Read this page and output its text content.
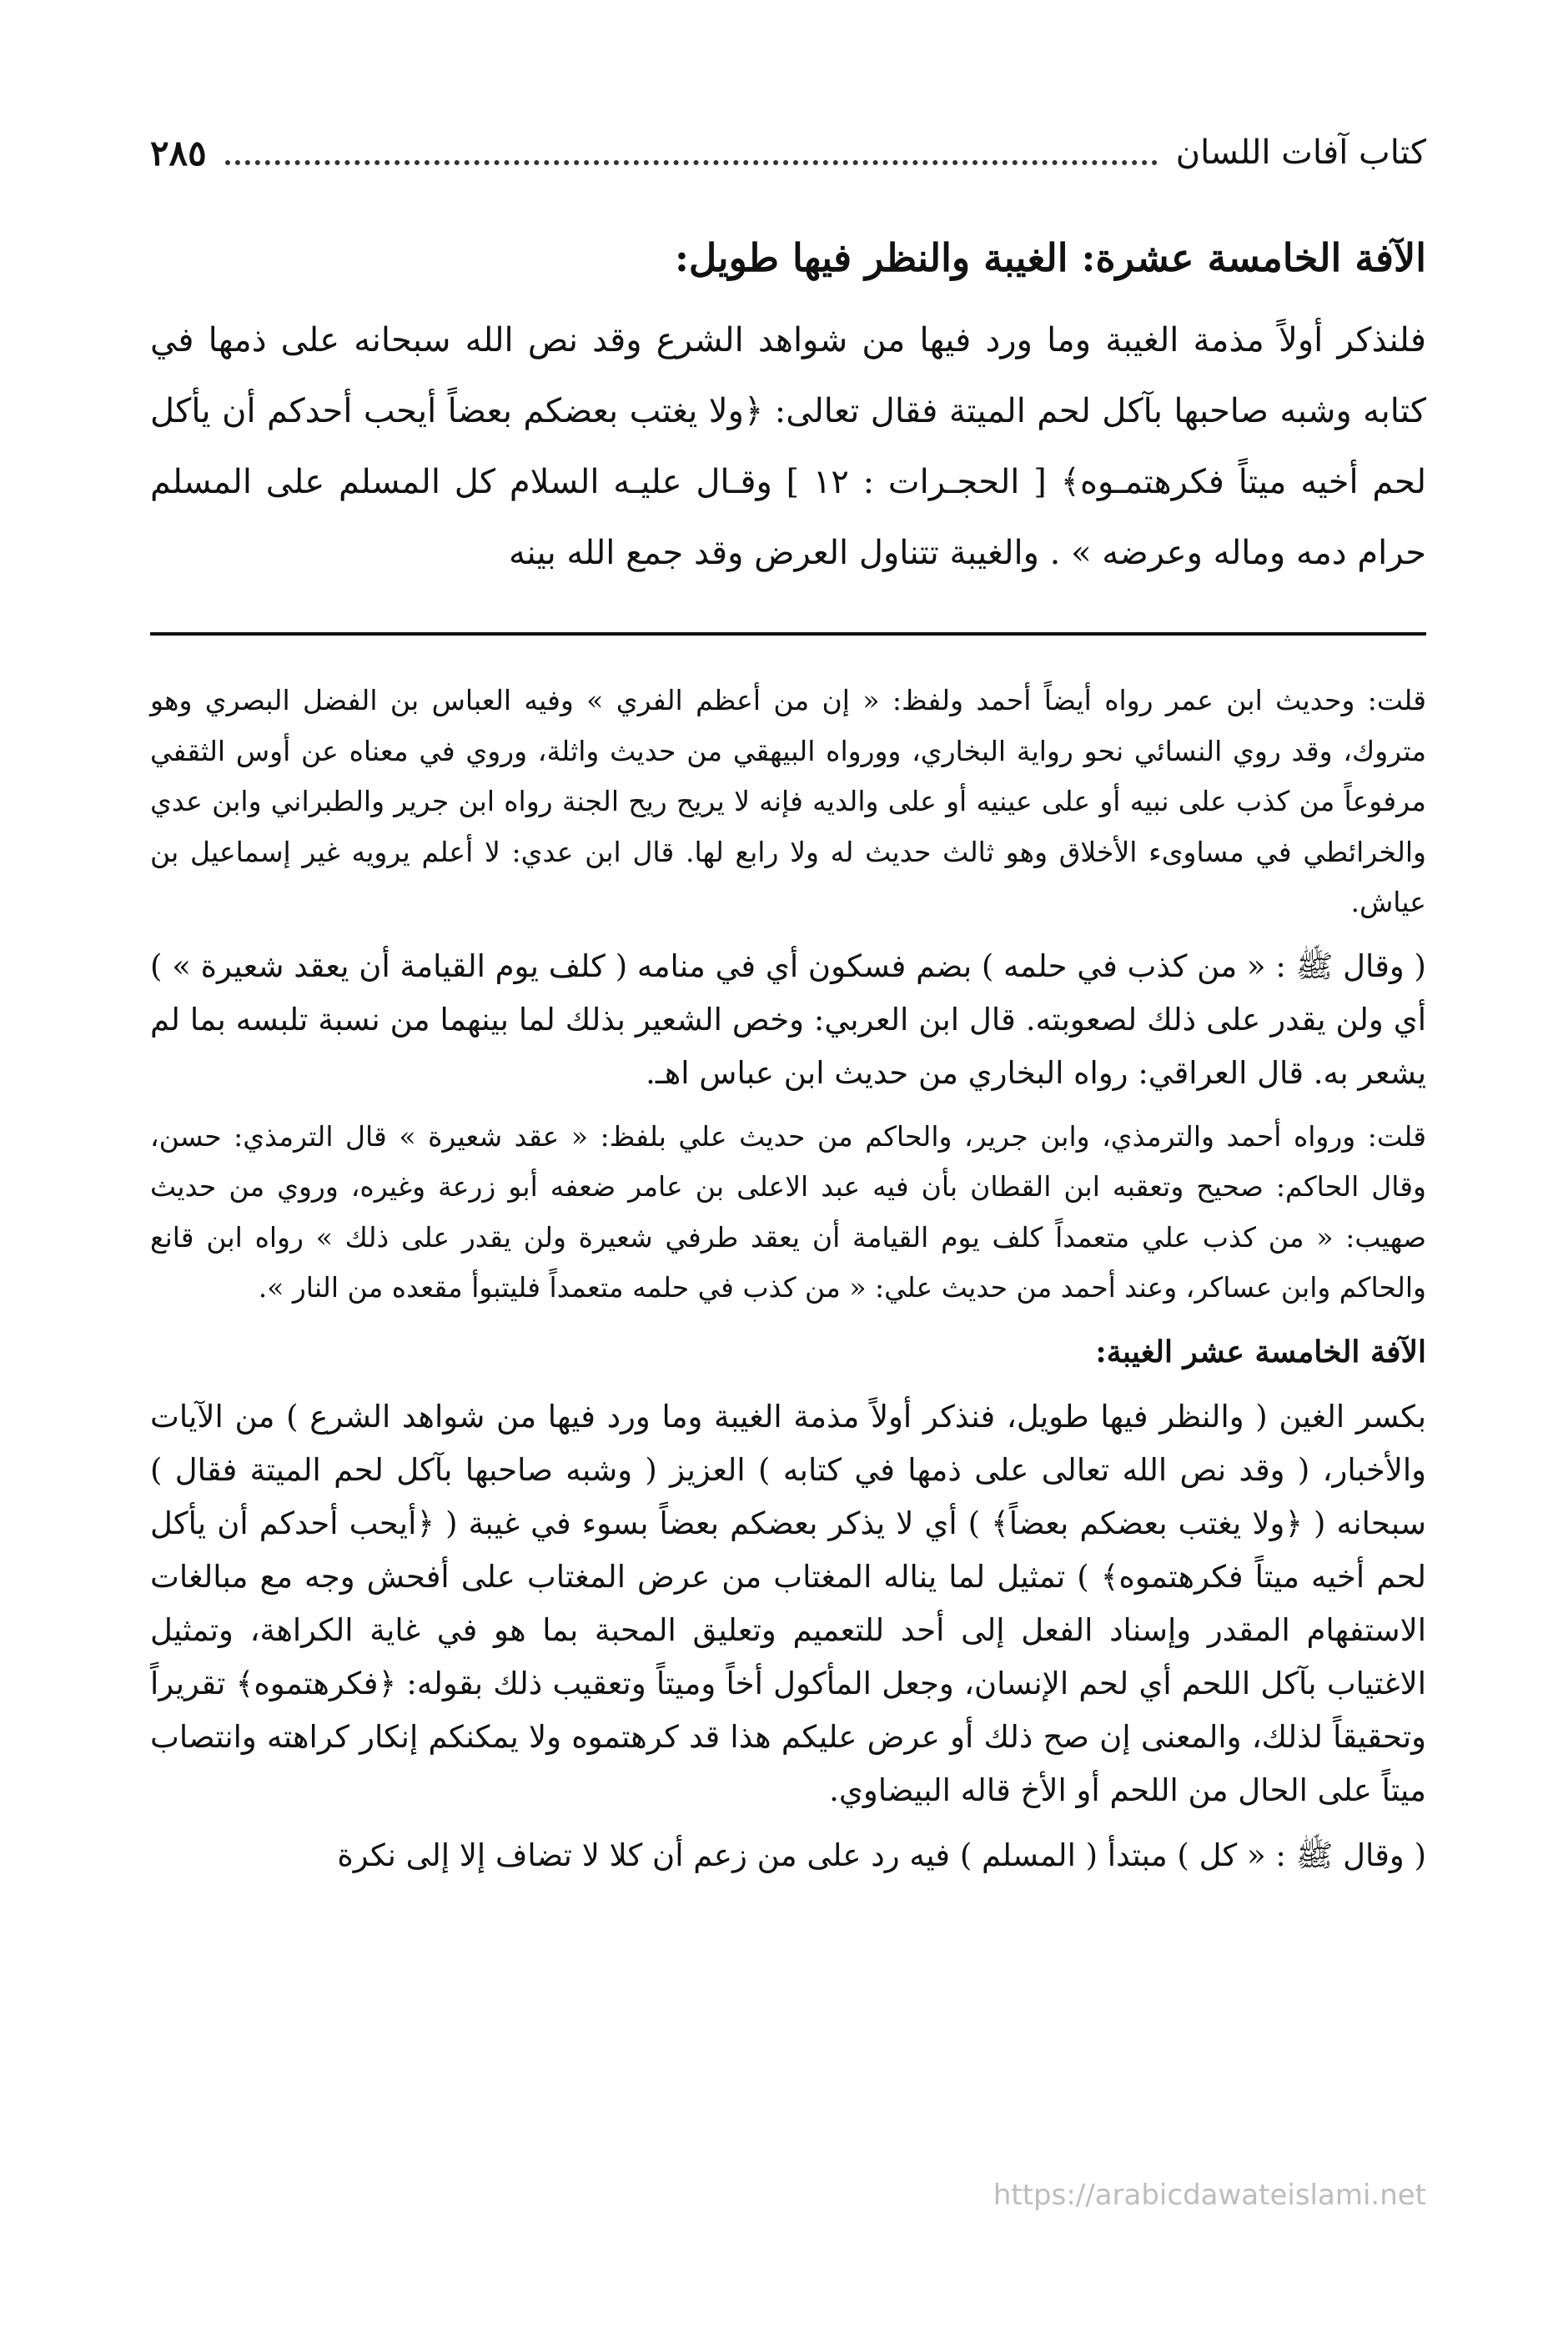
كتاب آفات اللسان
٢٨٥
الآفة الخامسة عشرة: الغيبة والنظر فيها طويل:

فلنذكر أولاً مذمة الغيبة وما ورد فيها من شواهد الشرع وقد نص الله سبحانه على ذمها في كتابه وشبه صاحبها بآكل لحم الميتة فقال تعالى: ﴿ولا يغتب بعضكم بعضاً أيحب أحدكم أن يأكل لحم أخيه ميتاً فكرهتمـوه﴾ [ الحجـرات : ١٢ ] وقـال عليـه السلام كل المسلم على المسلم حرام دمه وماله وعرضه » . والغيبة تتناول العرض وقد جمع الله بينه

قلت: وحديث ابن عمر رواه أيضاً أحمد ولفظ: « إن من أعظم الفري » وفيه العباس بن الفضل البصري وهو متروك، وقد روي النسائي نحو رواية البخاري، وورواه البيهقي من حديث واثلة، وروي في معناه عن أوس الثقفي مرفوعاً من كذب على نبيه أو على عينيه أو على والديه فإنه لا يريح ريح الجنة رواه ابن جرير والطبراني وابن عدي والخرائطي في مساوىء الأخلاق وهو ثالث حديث له ولا رابع لها. قال ابن عدي: لا أعلم يرويه غير إسماعيل بن عياش.

( وقال ﷺ : « من كذب في حلمه ) بضم فسكون أي في منامه ( كلف يوم القيامة أن يعقد شعيرة » ) أي ولن يقدر على ذلك لصعوبته. قال ابن العربي: وخص الشعير بذلك لما بينهما من نسبة تلبسه بما لم يشعر به. قال العراقي: رواه البخاري من حديث ابن عباس اهـ.

قلت: ورواه أحمد والترمذي، وابن جرير، والحاكم من حديث علي بلفظ: « عقد شعيرة » قال الترمذي: حسن، وقال الحاكم: صحيح وتعقبه ابن القطان بأن فيه عبد الاعلى بن عامر ضعفه أبو زرعة وغيره، وروي من حديث صهيب: « من كذب علي متعمداً كلف يوم القيامة أن يعقد طرفي شعيرة ولن يقدر على ذلك » رواه ابن قانع والحاكم وابن عساكر، وعند أحمد من حديث علي: « من كذب في حلمه متعمداً فليتبوأ مقعده من النار ».

الآفة الخامسة عشر الغيبة:

بكسر الغين ( والنظر فيها طويل، فنذكر أولاً مذمة الغيبة وما ورد فيها من شواهد الشرع ) من الآيات والأخبار، ( وقد نص الله تعالى على ذمها في كتابه ) العزيز ( وشبه صاحبها بآكل لحم الميتة فقال ) سبحانه ( ﴿ولا يغتب بعضكم بعضاً﴾ ) أي لا يذكر بعضكم بعضاً بسوء في غيبة ( ﴿أيحب أحدكم أن يأكل لحم أخيه ميتاً فكرهتموه﴾ ) تمثيل لما يناله المغتاب من عرض المغتاب على أفحش وجه مع مبالغات الاستفهام المقدر وإسناد الفعل إلى أحد للتعميم وتعليق المحبة بما هو في غاية الكراهة، وتمثيل الاغتياب بآكل اللحم أي لحم الإنسان، وجعل المأكول أخاً وميتاً وتعقيب ذلك بقوله: ﴿فكرهتموه﴾ تقريراً وتحقيقاً لذلك، والمعنى إن صح ذلك أو عرض عليكم هذا قد كرهتموه ولا يمكنكم إنكار كراهته وانتصاب ميتاً على الحال من اللحم أو الأخ قاله البيضاوي.

( وقال ﷺ : « كل ) مبتدأ ( المسلم ) فيه رد على من زعم أن كلا لا تضاف إلا إلى نكرة

https://arabicdawateislami.net
